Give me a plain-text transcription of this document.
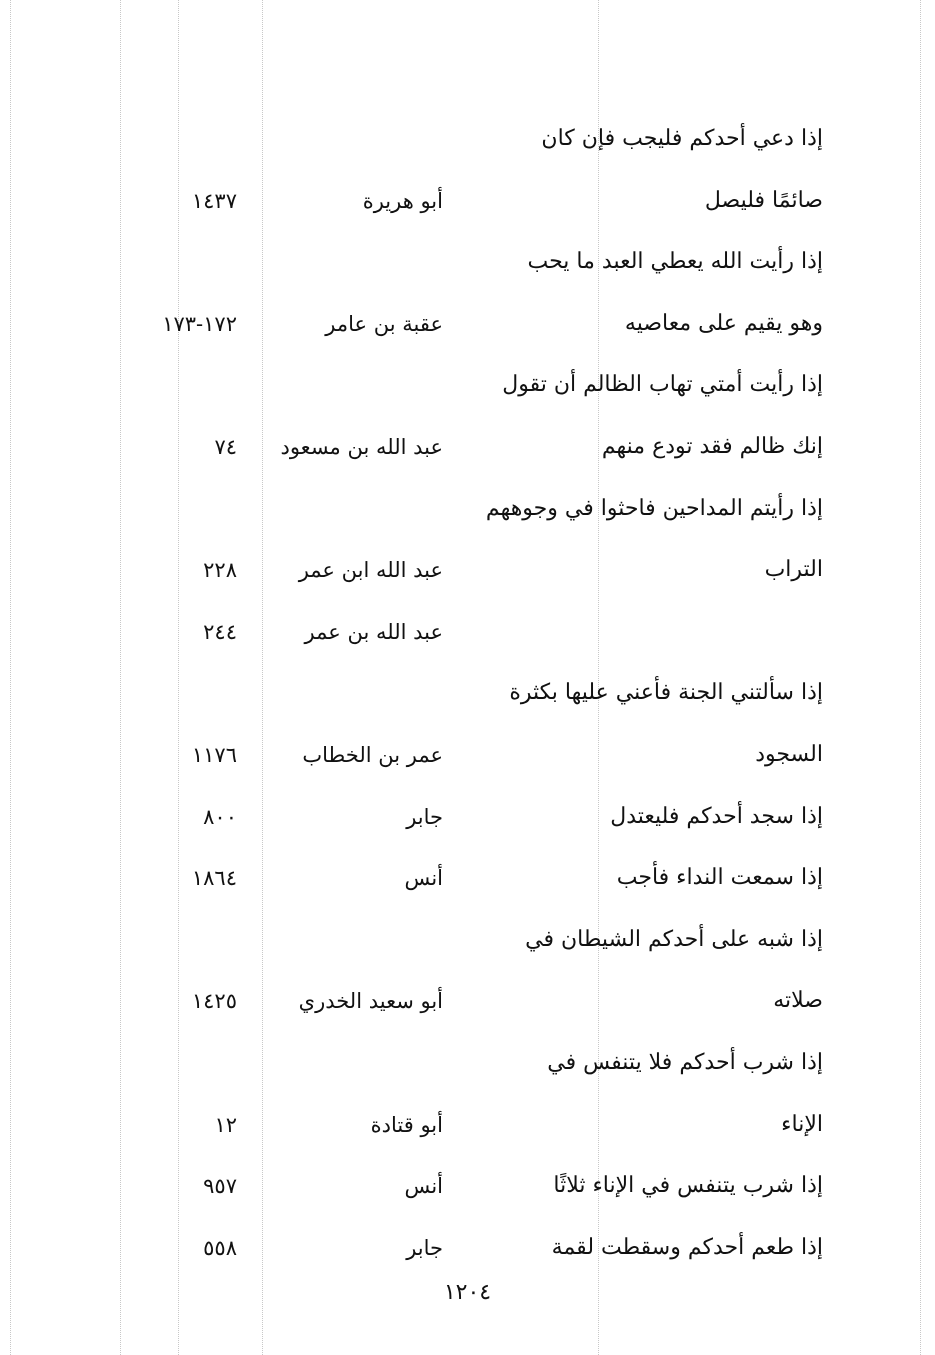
إذا دعي أحدكم فليجب فإن كان
صائمًا فليصل
أبو هريرة
١٤٣٧
إذا رأيت الله يعطي العبد ما يحب
وهو يقيم على معاصيه
عقبة بن عامر
١٧٢-١٧٣
إذا رأيت أمتي تهاب الظالم أن تقول
إنك ظالم فقد تودع منهم
عبد الله بن مسعود
٧٤
إذا رأيتم المداحين فاحثوا في وجوههم
التراب
عبد الله ابن عمر
٢٢٨
عبد الله بن عمر
٢٤٤
إذا سألتني الجنة فأعني عليها بكثرة
السجود
عمر بن الخطاب
١١٧٦
إذا سجد أحدكم فليعتدل
جابر
٨٠٠
إذا سمعت النداء فأجب
أنس
١٨٦٤
إذا شبه على أحدكم الشيطان في
صلاته
أبو سعيد الخدري
١٤٢٥
إذا شرب أحدكم فلا يتنفس في
الإناء
أبو قتادة
١٢
إذا شرب يتنفس في الإناء ثلاثًا
أنس
٩٥٧
إذا طعم أحدكم وسقطت لقمة
جابر
٥٥٨
١٢٠٤
